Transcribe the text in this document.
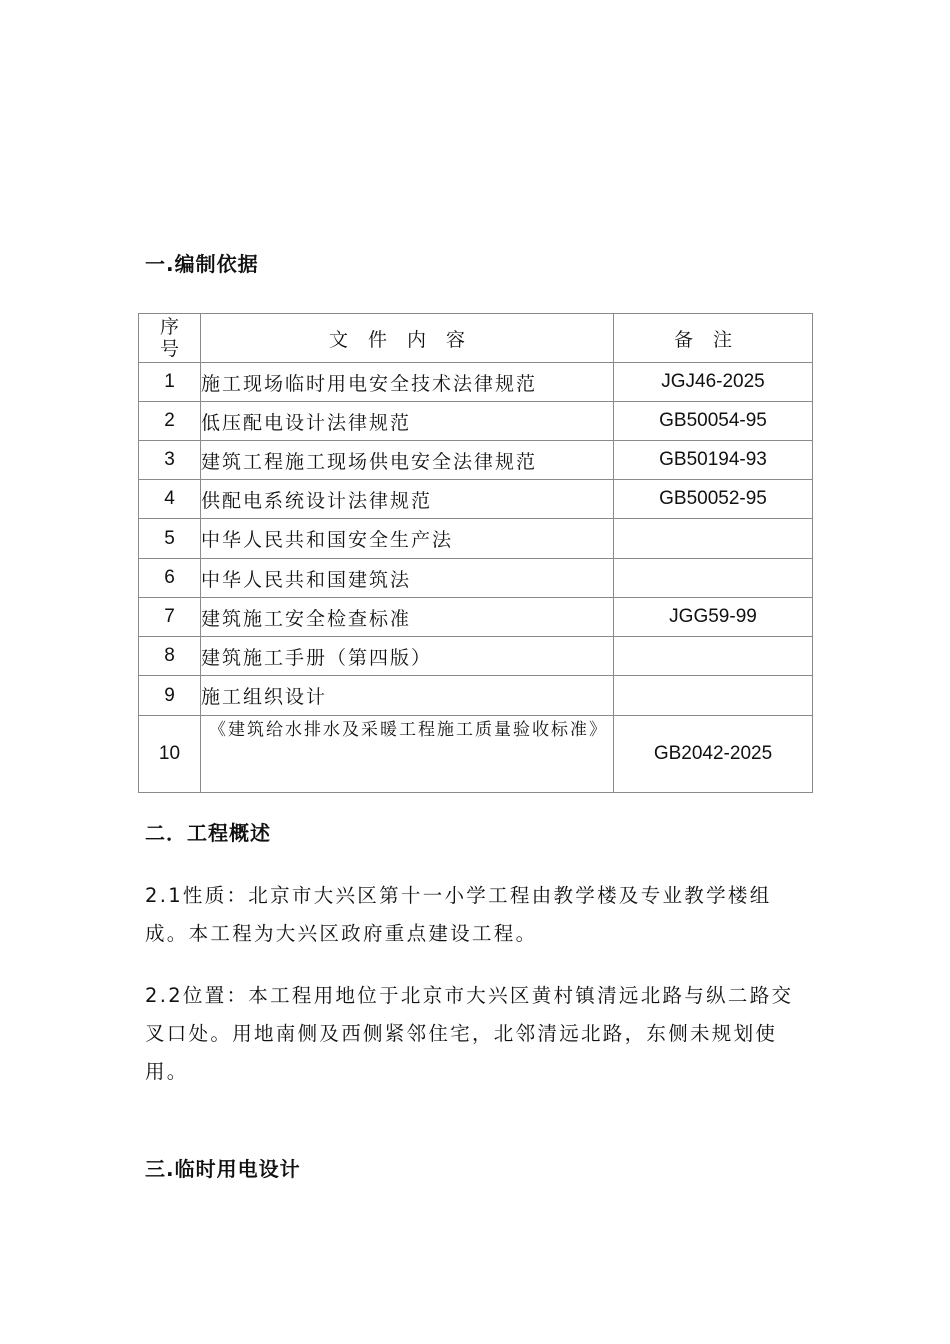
一.编制依据
序
号	文件内容	备注
1	施工现场临时用电安全技术法律规范	JGJ46-2025
2	低压配电设计法律规范	GB50054-95
3	建筑工程施工现场供电安全法律规范	GB50194-93
4	供配电系统设计法律规范	GB50052-95
5	中华人民共和国安全生产法	
6	中华人民共和国建筑法	
7	建筑施工安全检查标准	JGG59-99
8	建筑施工手册（第四版）	
9	施工组织设计	
10	《建筑给水排水及采暖工程施工质量验收标准》	GB2042-2025
二．工程概述

2.1性质：北京市大兴区第十一小学工程由教学楼及专业教学楼组成。本工程为大兴区政府重点建设工程。

2.2位置：本工程用地位于北京市大兴区黄村镇清远北路与纵二路交叉口处。用地南侧及西侧紧邻住宅，北邻清远北路，东侧未规划使用。

三.临时用电设计
